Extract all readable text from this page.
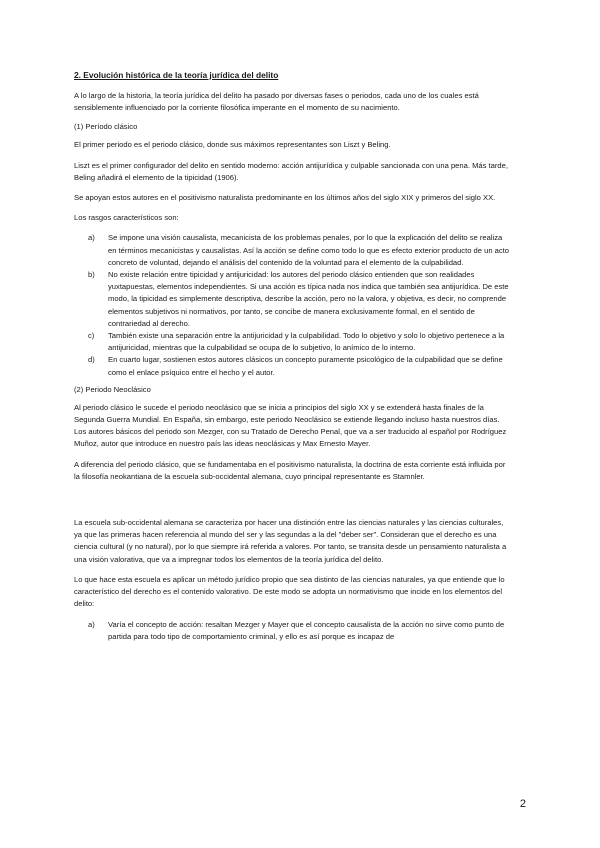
2. Evolución histórica de la teoría jurídica del delito

A lo largo de la historia, la teoría jurídica del delito ha pasado por diversas fases o periodos, cada uno de los cuales está sensiblemente influenciado por la corriente filosófica imperante en el momento de su nacimiento.

(1) Período clásico

El primer periodo es el periodo clásico, donde sus máximos representantes son Liszt y Beling.

Liszt es el primer configurador del delito en sentido moderno: acción antijurídica y culpable sancionada con una pena. Más tarde, Beling añadirá el elemento de la tipicidad (1906).

Se apoyan estos autores en el positivismo naturalista predominante en los últimos años del siglo XIX y primeros del siglo XX.

Los rasgos característicos son:

a) Se impone una visión causalista, mecanicista de los problemas penales, por lo que la explicación del delito se realiza en términos mecanicistas y causalistas. Así la acción se define como todo lo que es efecto exterior producto de un acto concreto de voluntad, dejando el análisis del contenido de la voluntad para el elemento de la culpabilidad.
b) No existe relación entre tipicidad y antijuricidad: los autores del periodo clásico entienden que son realidades yuxtapuestas, elementos independientes. Si una acción es típica nada nos indica que también sea antijurídica. De este modo, la tipicidad es simplemente descriptiva, describe la acción, pero no la valora, y objetiva, es decir, no comprende elementos subjetivos ni normativos, por tanto, se concibe de manera exclusivamente formal, en el sentido de contrariedad al derecho.
c) También existe una separación entre la antijuricidad y la culpabilidad. Todo lo objetivo y solo lo objetivo pertenece a la antijuricidad, mientras que la culpabilidad se ocupa de lo subjetivo, lo anímico de lo interno.
d) En cuarto lugar, sostienen estos autores clásicos un concepto puramente psicológico de la culpabilidad que se define como el enlace psíquico entre el hecho y el autor.
(2) Periodo Neoclásico

Al periodo clásico le sucede el periodo neoclásico que se inicia a principios del siglo XX y se extenderá hasta finales de la Segunda Guerra Mundial. En España, sin embargo, este periodo Neoclásico se extiende llegando incluso hasta nuestros días. Los autores básicos del periodo son Mezger, con su Tratado de Derecho Penal, que va a ser traducido al español por Rodríguez Muñoz, autor que introduce en nuestro país las ideas neoclásicas y Max Ernesto Mayer.

A diferencia del periodo clásico, que se fundamentaba en el positivismo naturalista, la doctrina de esta corriente está influida por la filosofía neokantiana de la escuela sub-occidental alemana, cuyo principal representante es Stamnler.

La escuela sub-occidental alemana se caracteriza por hacer una distinción entre las ciencias naturales y las ciencias culturales, ya que las primeras hacen referencia al mundo del ser y las segundas a la del "deber ser". Consideran que el derecho es una ciencia cultural (y no natural), por lo que siempre irá referida a valores. Por tanto, se transita desde un pensamiento naturalista a una visión valorativa, que va a impregnar todos los elementos de la teoría jurídica del delito.

Lo que hace esta escuela es aplicar un método jurídico propio que sea distinto de las ciencias naturales, ya que entiende que lo característico del derecho es el contenido valorativo. De este modo se adopta un normativismo que incide en los elementos del delito:

a) Varía el concepto de acción: resaltan Mezger y Mayer que el concepto causalista de la acción no sirve como punto de partida para todo tipo de comportamiento criminal, y ello es así porque es incapaz de
2
